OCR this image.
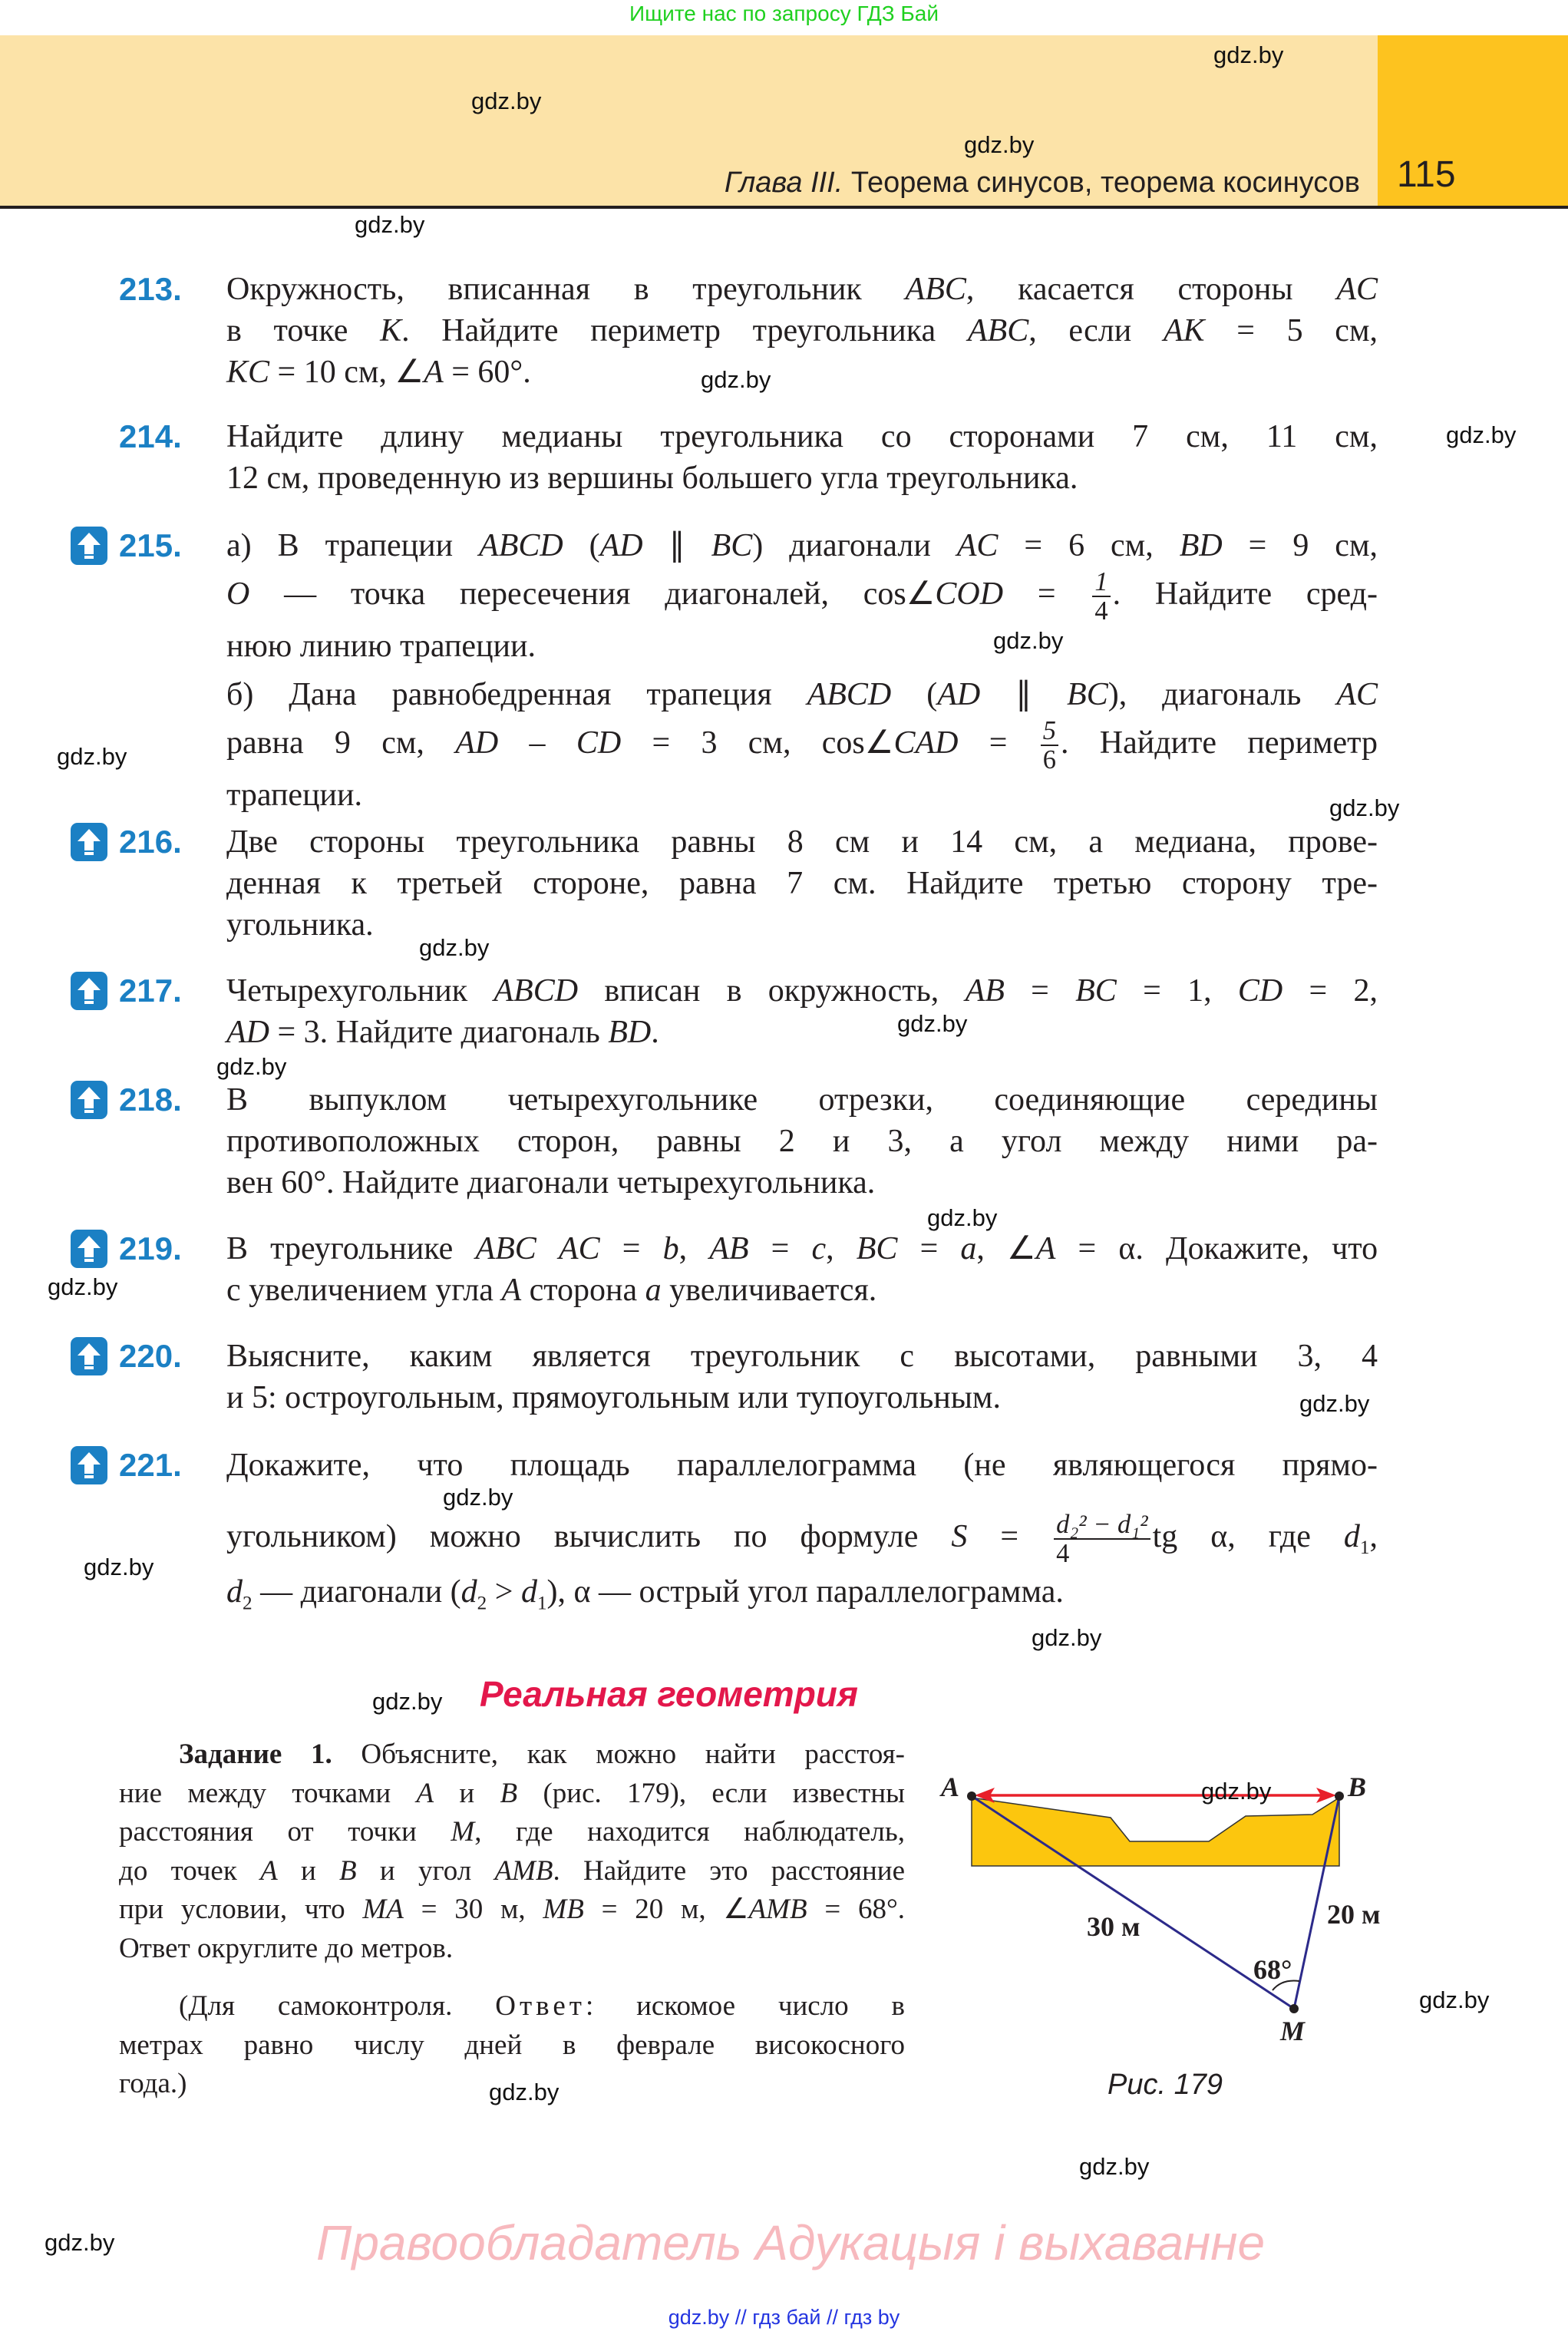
Ищите нас по запросу ГДЗ Бай
Глава III. Теорема синусов, теорема косинусов 115
213. Окружность, вписанная в треугольник ABC, касается стороны AC
в точке K. Найдите периметр треугольника ABC, если AK = 5 см,
KC = 10 см, ∠A = 60°.
214. Найдите длину медианы треугольника со сторонами 7 см, 11 см,
12 см, проведенную из вершины большего угла треугольника.
215. а) В трапеции ABCD (AD ∥ BC) диагонали AC = 6 см, BD = 9 см,
O — точка пересечения диагоналей, cos∠COD = $\frac{1}{4}$ . Найдите сред-
нюю линию трапеции.
б) Дана равнобедренная трапеция ABCD (AD ∥ BC), диагональ AC
равна 9 см, AD – CD = 3 см, cos∠CAD = $\frac{5}{6}$ . Найдите периметр
трапеции.
216. Две стороны треугольника равны 8 см и 14 см, а медиана, прове-
денная к третьей стороне, равна 7 см. Найдите третью сторону тре-
угольника.
217. Четырехугольник ABCD вписан в окружность, AB = BC = 1, CD = 2,
AD = 3. Найдите диагональ BD.
218. В выпуклом четырехугольнике отрезки, соединяющие середины
противоположных сторон, равны 2 и 3, а угол между ними ра-
вен 60°. Найдите диагонали четырехугольника.
219. В треугольнике ABC AC = b, AB = c, BC = a, ∠A = α. Докажите, что
с увеличением угла A сторона a увеличивается.
220. Выясните, каким является треугольник с высотами, равными 3, 4
и 5: остроугольным, прямоугольным или тупоугольным.
221. Докажите, что площадь параллелограмма (не являющегося прямо-
угольником) можно вычислить по формуле $S = \frac{\text{d₂² − d₁²}}{4}$ tg α, где $d_1$,
$d_2$ — диагонали $(d_2 > d_1)$, α — острый угол параллелограмма.
Реальная геометрия
Задание 1. Объясните, как можно найти расстоя-
ние между точками A и B (рис. 179), если известны
расстояния от точки M, где находится наблюдатель,
до точек A и B и угол AMB. Найдите это расстояние
при условии, что MA = 30 м, MB = 20 м, ∠AMB = 68°.
Ответ округлите до метров.
(Для самоконтроля. Ответ: искомое число в
метрах равно числу дней в феврале високосного
года.)
A	B
M
30 м	20 м
68°
Рис. 179
gdz.by
gdz.by
gdz.by
gdz.by
gdz.by
gdz.by
gdz.by
gdz.by
gdz.by
gdz.by
gdz.by
gdz.by
gdz.by
gdz.by
gdz.by
gdz.by
gdz.by
gdz.by
gdz.by
gdz.by
gdz.by
gdz.by
gdz.by
gdz.by	Правообладатель Адукацыя і выхаванне
gdz.by // гдз бай // гдз by
